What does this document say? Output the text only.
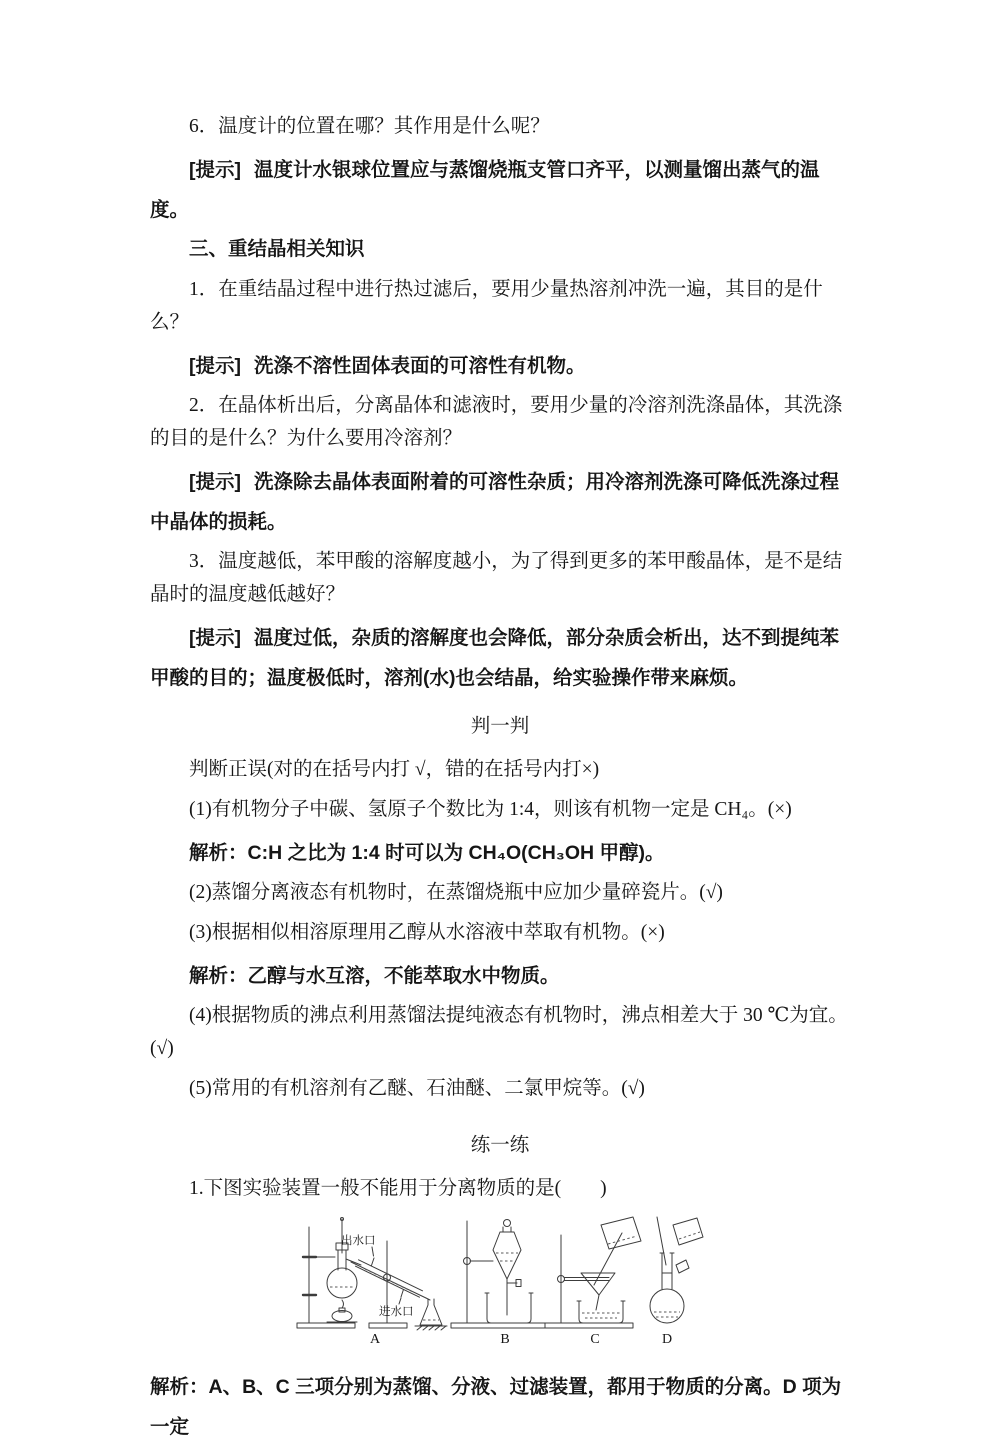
6．温度计的位置在哪？其作用是什么呢？

[提示] 温度计水银球位置应与蒸馏烧瓶支管口齐平，以测量馏出蒸气的温度。

三、重结晶相关知识

1．在重结晶过程中进行热过滤后，要用少量热溶剂冲洗一遍，其目的是什么？

[提示] 洗涤不溶性固体表面的可溶性有机物。

2．在晶体析出后，分离晶体和滤液时，要用少量的冷溶剂洗涤晶体，其洗涤的目的是什么？为什么要用冷溶剂？

[提示] 洗涤除去晶体表面附着的可溶性杂质；用冷溶剂洗涤可降低洗涤过程中晶体的损耗。

3．温度越低，苯甲酸的溶解度越小，为了得到更多的苯甲酸晶体，是不是结晶时的温度越低越好？

[提示] 温度过低，杂质的溶解度也会降低，部分杂质会析出，达不到提纯苯甲酸的目的；温度极低时，溶剂(水)也会结晶，给实验操作带来麻烦。

判一判

判断正误(对的在括号内打 √，错的在括号内打×)

(1)有机物分子中碳、氢原子个数比为 1:4，则该有机物一定是 CH₄。(×)

解析：C:H 之比为 1:4 时可以为 CH₄O(CH₃OH 甲醇)。

(2)蒸馏分离液态有机物时，在蒸馏烧瓶中应加少量碎瓷片。(√)

(3)根据相似相溶原理用乙醇从水溶液中萃取有机物。(×)

解析：乙醇与水互溶，不能萃取水中物质。

(4)根据物质的沸点利用蒸馏法提纯液态有机物时，沸点相差大于 30 ℃为宜。(√)

(5)常用的有机溶剂有乙醚、石油醚、二氯甲烷等。(√)

练一练

1.下图实验装置一般不能用于分离物质的是(　　)

出水口
进水口
A	B	C	D

解析：A、B、C 三项分别为蒸馏、分液、过滤装置，都用于物质的分离。D 项为一定
